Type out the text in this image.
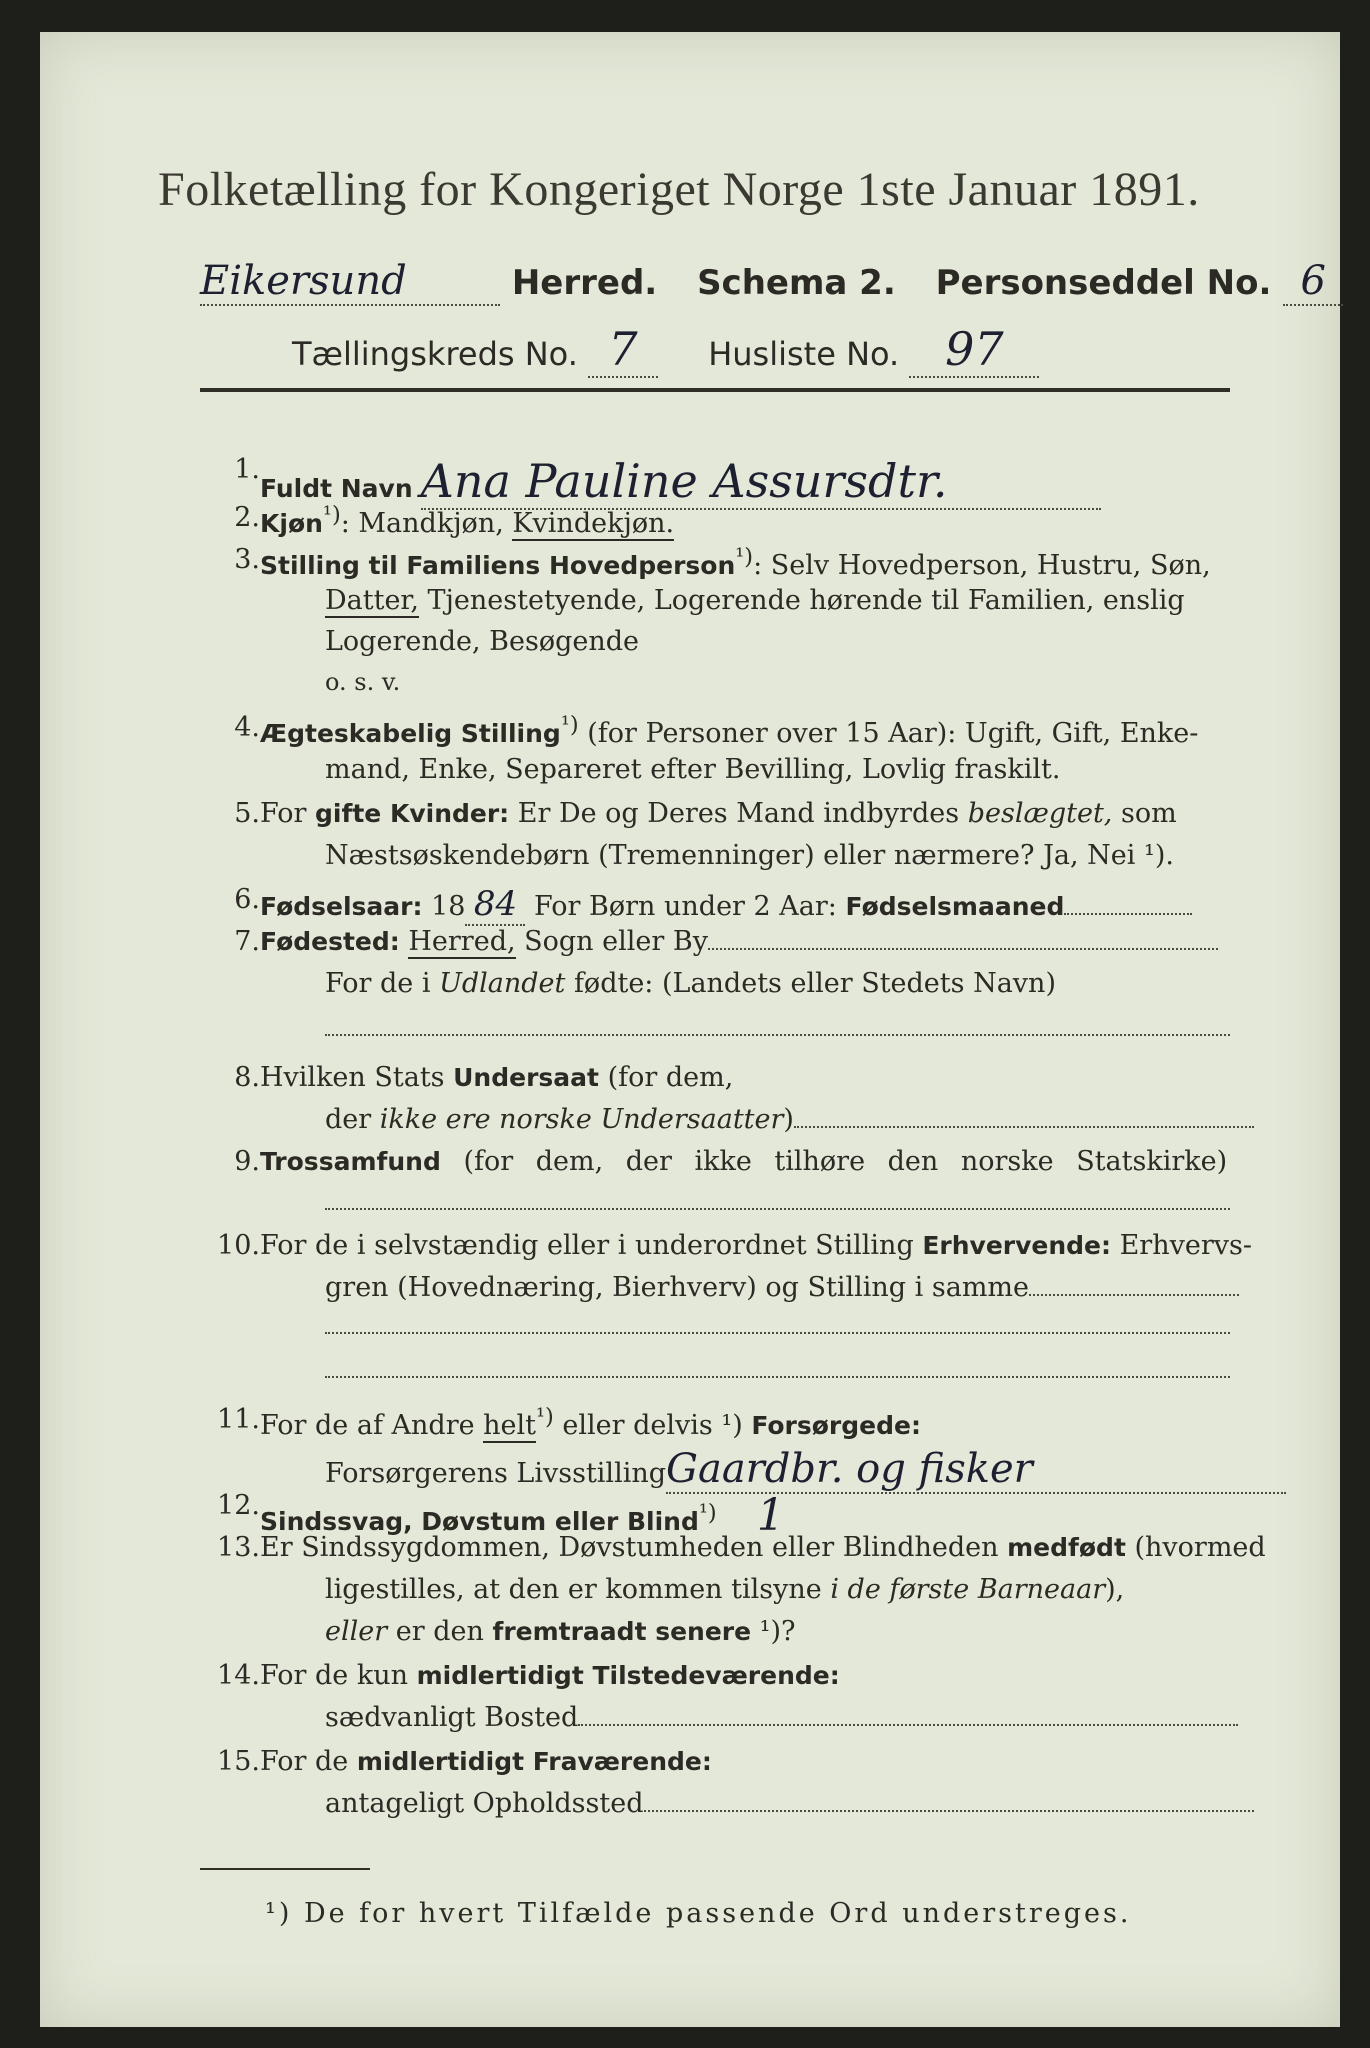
Folketælling for Kongeriget Norge 1ste Januar 1891.
Eikersund	Herred. Schema 2. Personseddel No. 6
Tællingskreds No. 7 Husliste No. 97
1.
Fuldt Navn Ana Pauline Assursdtr.
2. Kjøn$^{^1)}$: Mandkjøn, Kvindekjøn.
3. Stilling til Familiens Hovedperson$^{^1)}$: Selv Hovedperson, Hustru, Søn,
Datter, Tjenestetyende, Logerende hørende til Familien, enslig
Logerende, Besøgende
o. s. v.
4. Ægteskabelig Stilling$^{^1)}$ (for Personer over 15 Aar): Ugift, Gift, Enke-
mand, Enke, Separeret efter Bevilling, Lovlig fraskilt.
5. For gifte Kvinder: Er De og Deres Mand indbyrdes beslægtet, som
Næstsøskendebørn (Tremenninger) eller nærmere? Ja, Nei ¹).
6. Fødselsaar: 18 84 For Børn under 2 Aar: Fødselsmaaned
7. Fødested: Herred, Sogn eller By
For de i Udlandet fødte: (Landets eller Stedets Navn)
8. Hvilken Stats Undersaat (for dem,
der ikke ere norske Undersaatter)
9. Trossamfund (for dem, der ikke tilhøre den norske Statskirke)
10. For de i selvstændig eller i underordnet Stilling Erhvervende: Erhvervs-
gren (Hovednæring, Bierhverv) og Stilling i samme
11. For de af Andre helt$^{^1)}$ eller delvis ¹) Forsørgede:
Forsørgerens LivsstillingGaardbr. og fisker
12.
Sindssvag, Døvstum eller Blind$^{^1)}$ 1
13. Er Sindssygdommen, Døvstumheden eller Blindheden medfødt (hvormed
ligestilles, at den er kommen tilsyne i de første Barneaar),
eller er den fremtraadt senere ¹)?
14. For de kun midlertidigt Tilstedeværende:
sædvanligt Bosted
15. For de midlertidigt Fraværende:
antageligt Opholdssted
¹) De for hvert Tilfælde passende Ord understreges.
